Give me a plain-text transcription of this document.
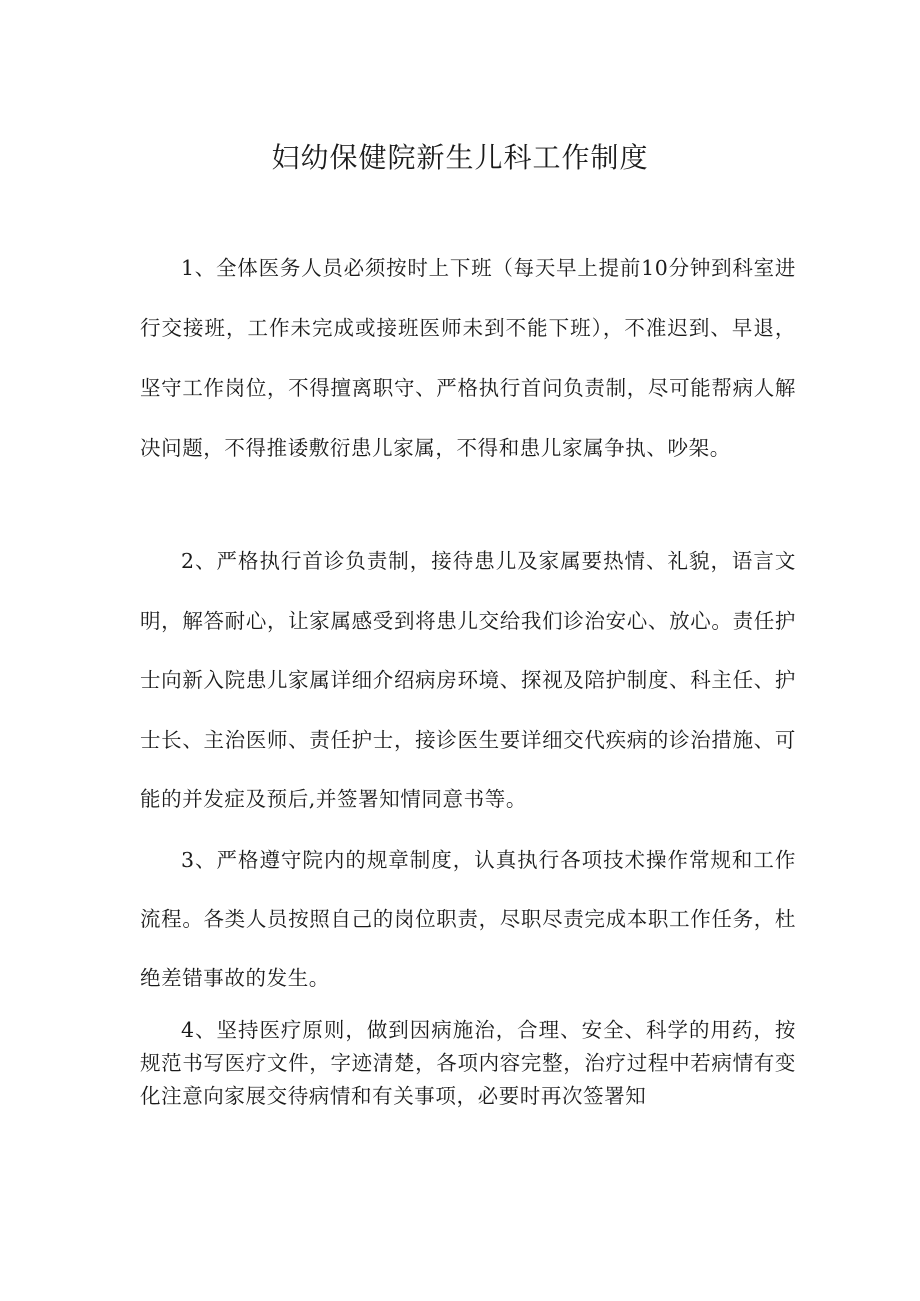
妇幼保健院新生儿科工作制度

1、全体医务人员必须按时上下班（每天早上提前10分钟到科室进行交接班，工作未完成或接班医师未到不能下班），不准迟到、早退，坚守工作岗位，不得擅离职守、严格执行首问负责制，尽可能帮病人解决问题，不得推诿敷衍患儿家属，不得和患儿家属争执、吵架。

2、严格执行首诊负责制，接待患儿及家属要热情、礼貌，语言文明，解答耐心，让家属感受到将患儿交给我们诊治安心、放心。责任护士向新入院患儿家属详细介绍病房环境、探视及陪护制度、科主任、护士长、主治医师、责任护士，接诊医生要详细交代疾病的诊治措施、可能的并发症及预后,并签署知情同意书等。

3、严格遵守院内的规章制度，认真执行各项技术操作常规和工作流程。各类人员按照自己的岗位职责，尽职尽责完成本职工作任务，杜绝差错事故的发生。

4、坚持医疗原则，做到因病施治，合理、安全、科学的用药，按规范书写医疗文件，字迹清楚，各项内容完整，治疗过程中若病情有变化注意向家展交待病情和有关事项，必要时再次签署知
